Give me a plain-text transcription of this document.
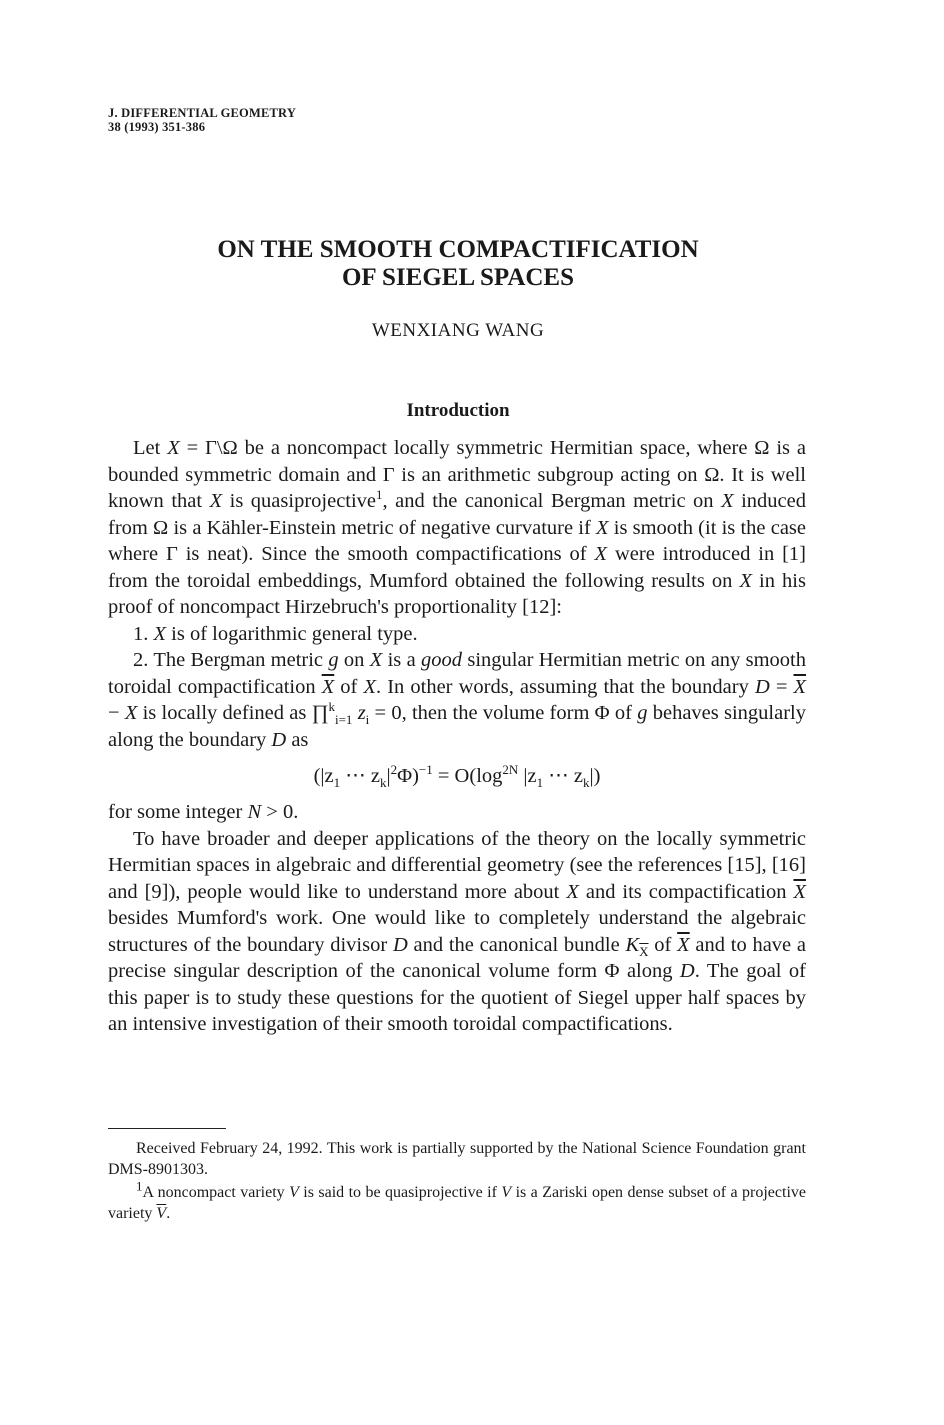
J. DIFFERENTIAL GEOMETRY
38 (1993) 351-386
ON THE SMOOTH COMPACTIFICATION
OF SIEGEL SPACES
WENXIANG WANG
Introduction

Let X = Γ\Ω be a noncompact locally symmetric Hermitian space, where Ω is a bounded symmetric domain and Γ is an arithmetic subgroup acting on Ω. It is well known that X is quasiprojective$^1$, and the canonical Bergman metric on X induced from Ω is a Kähler-Einstein metric of negative curvature if X is smooth (it is the case where Γ is neat). Since the smooth compactifications of X were introduced in [1] from the toroidal embeddings, Mumford obtained the following results on X in his proof of noncompact Hirzebruch's proportionality [12]:

1. X is of logarithmic general type.

2. The Bergman metric g on X is a good singular Hermitian metric on any smooth toroidal compactification $\overline{X}$ of X. In other words, assuming that the boundary $D = \overline{X} - X$ is locally defined as ∏$^k_{i=1}$ $z_i = 0$, then the volume form Φ of g behaves singularly along the boundary D as

($|z_1$ ⋯ $z_k|^2\Phi)^{-1} = O(\log^{2N}$ $|z_1$ ⋯ $z_k|$)

for some integer N > 0.

To have broader and deeper applications of the theory on the locally symmetric Hermitian spaces in algebraic and differential geometry (see the references [15], [16] and [9]), people would like to understand more about X and its compactification $\overline{X}$ besides Mumford's work. One would like to completely understand the algebraic structures of the boundary divisor D and the canonical bundle $K_{\overline{X}}$ of $\overline{X}$ and to have a precise singular description of the canonical volume form Φ along D. The goal of this paper is to study these questions for the quotient of Siegel upper half spaces by an intensive investigation of their smooth toroidal compactifications.

Received February 24, 1992. This work is partially supported by the National Science Foundation grant DMS-8901303.

$^1$A noncompact variety V is said to be quasiprojective if V is a Zariski open dense subset of a projective variety $\overline{V}$.
